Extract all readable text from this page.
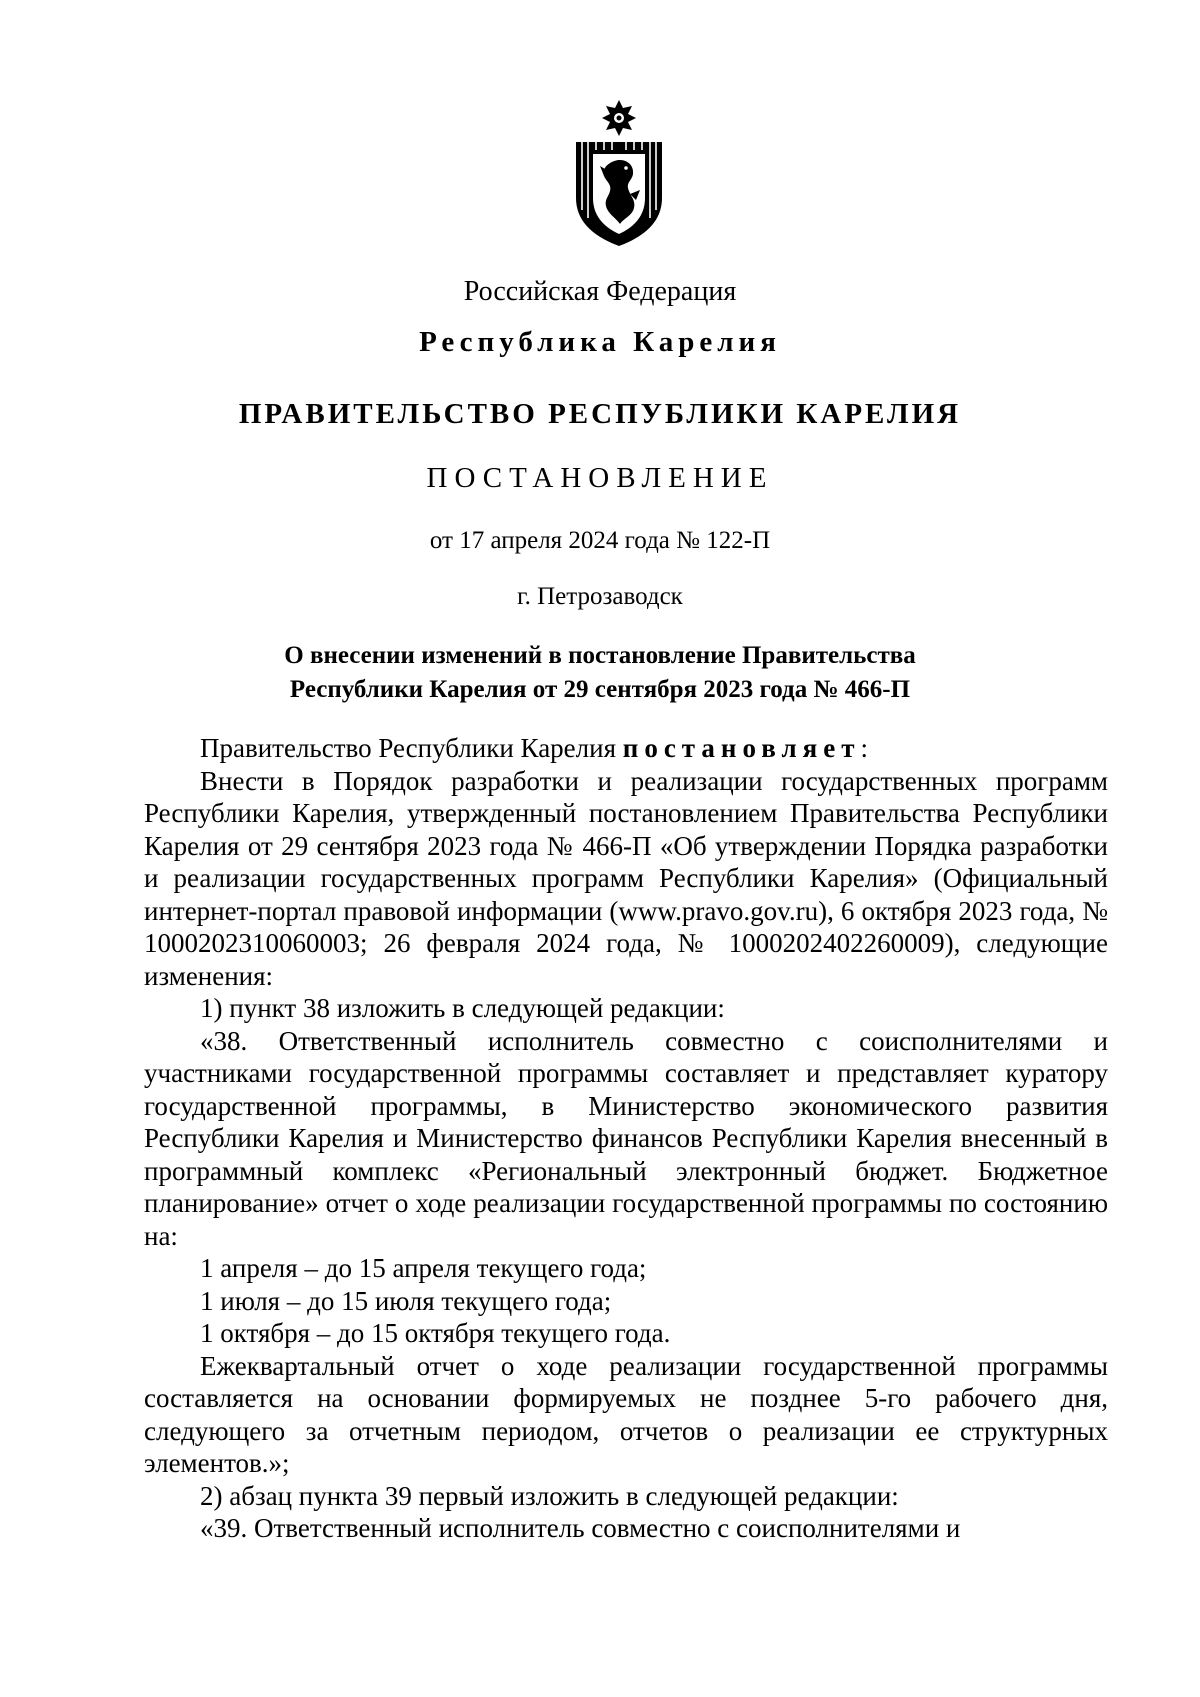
Российская Федерация
Республика Карелия
ПРАВИТЕЛЬСТВО РЕСПУБЛИКИ КАРЕЛИЯ
ПОСТАНОВЛЕНИЕ
от 17 апреля 2024 года № 122-П
г. Петрозаводск
О внесении изменений в постановление Правительства
Республики Карелия от 29 сентября 2023 года № 466-П

Правительство Республики Карелия постановляет:

Внести в Порядок разработки и реализации государственных программ Республики Карелия, утвержденный постановлением Правительства Республики Карелия от 29 сентября 2023 года № 466-П «Об утверждении Порядка разработки и реализации государственных программ Республики Карелия» (Официальный интернет-портал правовой информации (www.pravo.gov.ru), 6 октября 2023 года, № 1000202310060003; 26 февраля 2024 года, № 1000202402260009), следующие изменения:

1) пункт 38 изложить в следующей редакции:

«38. Ответственный исполнитель совместно с соисполнителями и участниками государственной программы составляет и представляет куратору государственной программы, в Министерство экономического развития Республики Карелия и Министерство финансов Республики Карелия внесенный в программный комплекс «Региональный электронный бюджет. Бюджетное планирование» отчет о ходе реализации государственной программы по состоянию на:

1 апреля – до 15 апреля текущего года;

1 июля – до 15 июля текущего года;

1 октября – до 15 октября текущего года.

Ежеквартальный отчет о ходе реализации государственной программы составляется на основании формируемых не позднее 5-го рабочего дня, следующего за отчетным периодом, отчетов о реализации ее структурных элементов.»;

2) абзац пункта 39 первый изложить в следующей редакции:

«39. Ответственный исполнитель совместно с соисполнителями и
